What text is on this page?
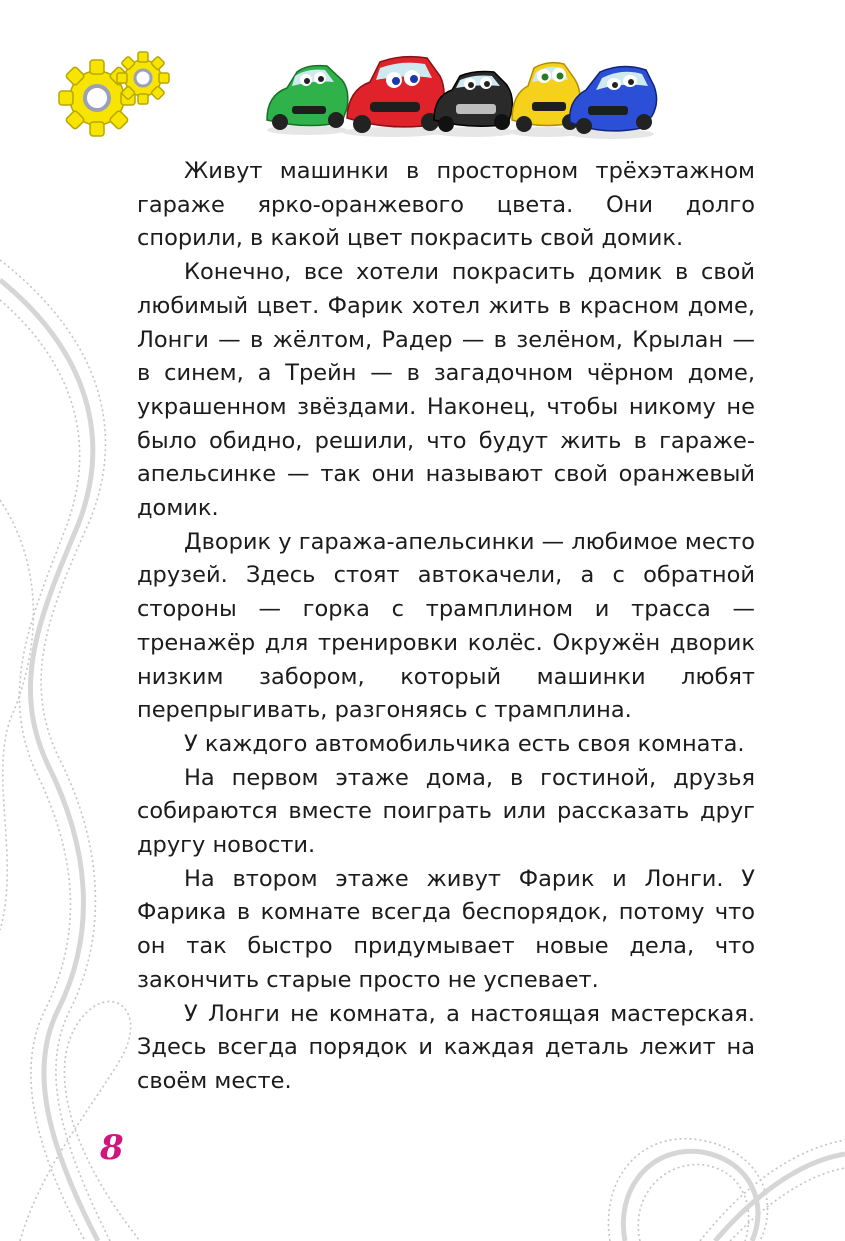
Живут машинки в просторном трёхэтажном гараже ярко-оранжевого цвета. Они долго спорили, в какой цвет покрасить свой домик.

Конечно, все хотели покрасить домик в свой любимый цвет. Фарик хотел жить в красном доме, Лонги — в жёлтом, Радер — в зелёном, Крылан — в синем, а Трейн — в загадочном чёрном доме, украшенном звёздами. Наконец, чтобы никому не было обидно, решили, что будут жить в гараже-апельсинке — так они называют свой оранжевый домик.

Дворик у гаража-апельсинки — любимое место друзей. Здесь стоят автокачели, а с обратной стороны — горка с трамплином и трасса — тренажёр для тренировки колёс. Окружён дворик низким забором, который машинки любят перепрыгивать, разгоняясь с трамплина.

У каждого автомобильчика есть своя комната.

На первом этаже дома, в гостиной, друзья собираются вместе поиграть или рассказать друг другу новости.

На втором этаже живут Фарик и Лонги. У Фарика в комнате всегда беспорядок, потому что он так быстро придумывает новые дела, что закончить старые просто не успевает.

У Лонги не комната, а настоящая мастерская. Здесь всегда порядок и каждая деталь лежит на своём месте.

8
